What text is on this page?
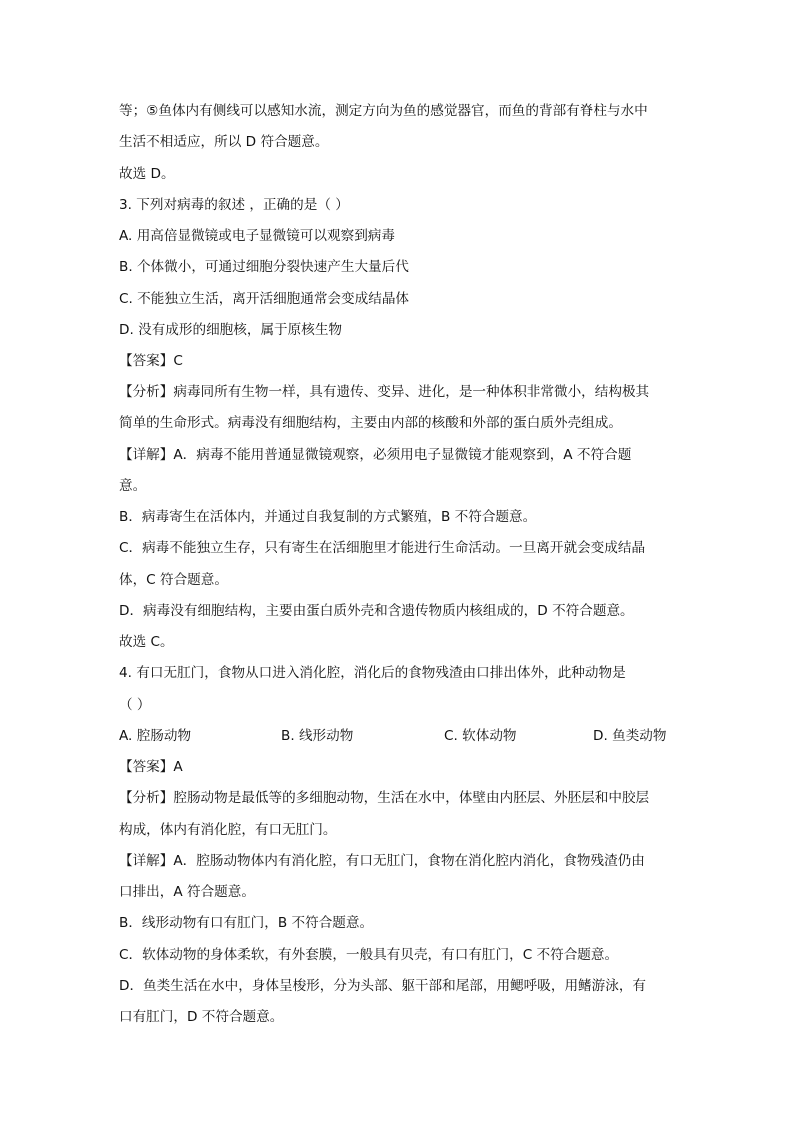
等；⑤鱼体内有侧线可以感知水流，测定方向为鱼的感觉器官，而鱼的背部有脊柱与水中
生活不相适应，所以 D 符合题意。
故选 D。
3. 下列对病毒的叙述 ，正确的是（ ）
A. 用高倍显微镜或电子显微镜可以观察到病毒
B. 个体微小，可通过细胞分裂快速产生大量后代
C. 不能独立生活，离开活细胞通常会变成结晶体
D. 没有成形的细胞核，属于原核生物
【答案】C
【分析】病毒同所有生物一样，具有遗传、变异、进化，是一种体积非常微小，结构极其
简单的生命形式。病毒没有细胞结构，主要由内部的核酸和外部的蛋白质外壳组成。
【详解】A．病毒不能用普通显微镜观察，必须用电子显微镜才能观察到，A 不符合题
意。
B．病毒寄生在活体内，并通过自我复制的方式繁殖，B 不符合题意。
C．病毒不能独立生存，只有寄生在活细胞里才能进行生命活动。一旦离开就会变成结晶
体，C 符合题意。
D．病毒没有细胞结构，主要由蛋白质外壳和含遗传物质内核组成的，D 不符合题意。
故选 C。
4. 有口无肛门，食物从口进入消化腔，消化后的食物残渣由口排出体外，此种动物是
（ ）
A. 腔肠动物	B. 线形动物	C. 软体动物	D. 鱼类动物
【答案】A
【分析】腔肠动物是最低等的多细胞动物，生活在水中，体壁由内胚层、外胚层和中胶层
构成，体内有消化腔，有口无肛门。
【详解】A．腔肠动物体内有消化腔，有口无肛门，食物在消化腔内消化，食物残渣仍由
口排出，A 符合题意。
B．线形动物有口有肛门，B 不符合题意。
C．软体动物的身体柔软，有外套膜，一般具有贝壳，有口有肛门，C 不符合题意。
D．鱼类生活在水中，身体呈梭形，分为头部、躯干部和尾部，用鳃呼吸，用鳍游泳，有
口有肛门，D 不符合题意。
